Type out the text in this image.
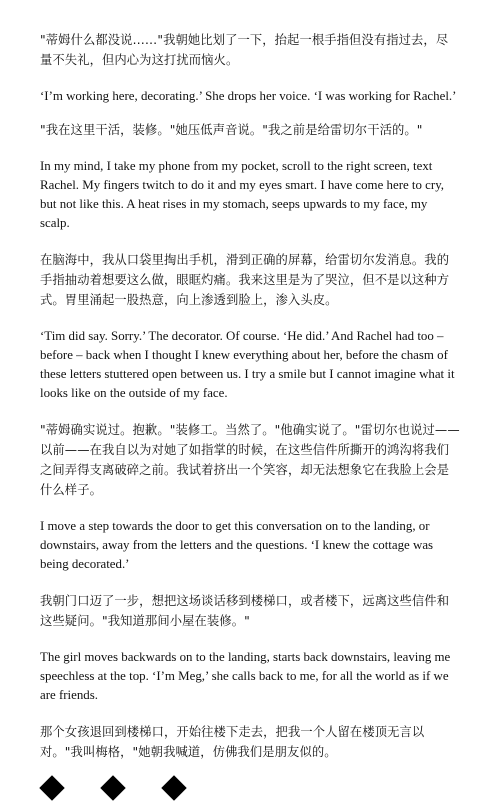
"蒂姆什么都没说……"我朝她比划了一下，抬起一根手指但没有指过去，尽量不失礼，但内心为这打扰而恼火。

‘I’m working here, decorating.’ She drops her voice. ‘I was working for Rachel.’

"我在这里干活，装修。"她压低声音说。"我之前是给雷切尔干活的。"

In my mind, I take my phone from my pocket, scroll to the right screen, text Rachel. My fingers twitch to do it and my eyes smart. I have come here to cry, but not like this. A heat rises in my stomach, seeps upwards to my face, my scalp.

在脑海中，我从口袋里掏出手机，滑到正确的屏幕，给雷切尔发消息。我的手指抽动着想要这么做，眼眶灼痛。我来这里是为了哭泣，但不是以这种方式。胃里涌起一股热意，向上渗透到脸上，渗入头皮。

‘Tim did say. Sorry.’ The decorator. Of course. ‘He did.’ And Rachel had too – before – back when I thought I knew everything about her, before the chasm of these letters stuttered open between us. I try a smile but I cannot imagine what it looks like on the outside of my face.

"蒂姆确实说过。抱歉。"装修工。当然了。"他确实说了。"雷切尔也说过——以前——在我自以为对她了如指掌的时候，在这些信件所撕开的鸿沟将我们之间弄得支离破碎之前。我试着挤出一个笑容，却无法想象它在我脸上会是什么样子。

I move a step towards the door to get this conversation on to the landing, or downstairs, away from the letters and the questions. ‘I knew the cottage was being decorated.’

我朝门口迈了一步，想把这场谈话移到楼梯口，或者楼下，远离这些信件和这些疑问。"我知道那间小屋在装修。"

The girl moves backwards on to the landing, starts back downstairs, leaving me speechless at the top. ‘I’m Meg,’ she calls back to me, for all the world as if we are friends.

那个女孩退回到楼梯口，开始往楼下走去，把我一个人留在楼顶无言以对。"我叫梅格，"她朝我喊道，仿佛我们是朋友似的。
